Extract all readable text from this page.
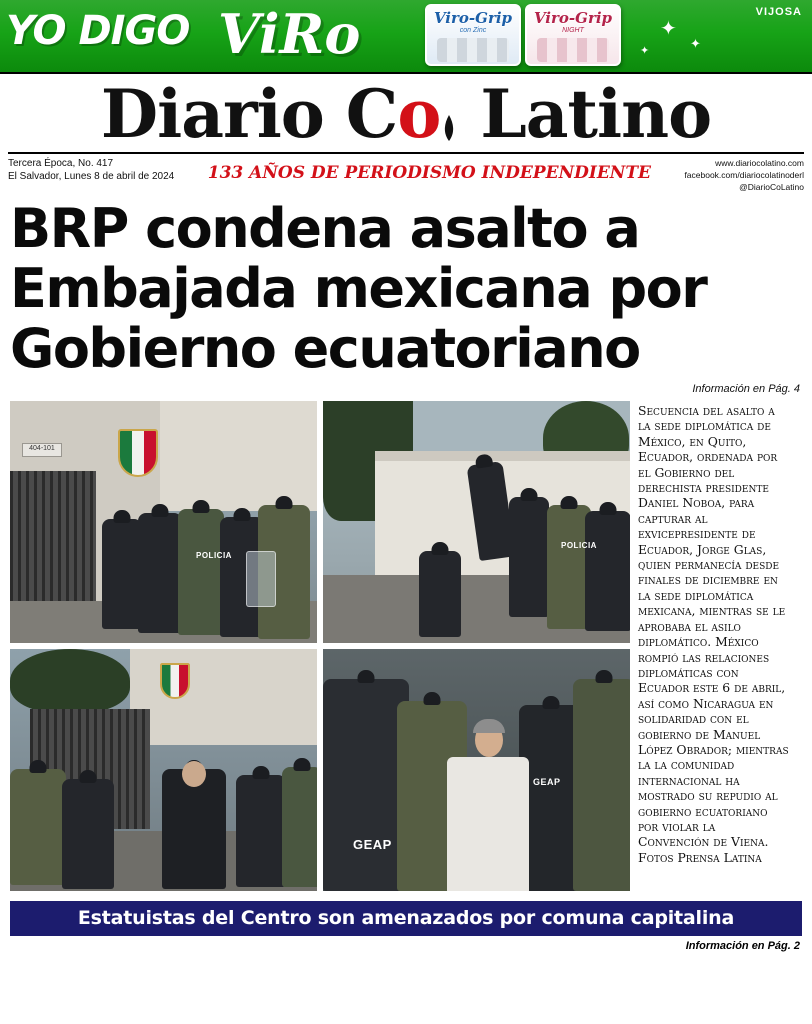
YO DIGO ViRo	VIJOSA
Viro-Grip
con Zinc
Viro-Grip
NIGHT	✦
✦
✦
Diario Co Latino
Tercera Época, No. 417
El Salvador, Lunes 8 de abril de 2024 133 AÑOS DE PERIODISMO INDEPENDIENTE	www.diariocolatino.com
facebook.com/diariocolatinoderl
@DiarioCoLatino
BRP condena asalto a Embajada mexicana por Gobierno ecuatoriano
Información en Pág. 4
404-101
POLICIA
POLICIA
GEAP
GEAP
Secuencia del asalto a la sede diplomática de México, en Quito, Ecuador, ordenada por el Gobierno del derechista presidente Daniel Noboa, para capturar al exvicepresidente de Ecuador, Jorge Glas, quien permanecía desde finales de diciembre en la sede diplomática mexicana, mientras se le aprobaba el asilo diplomático. México rompió las relaciones diplomáticas con Ecuador este 6 de abril, así como Nicaragua en solidaridad con el gobierno de Manuel López Obrador; mientras la la comunidad internacional ha mostrado su repudio al gobierno ecuatoriano por violar la Convención de Viena. Fotos Prensa Latina
Estatuistas del Centro son amenazados por comuna capitalina
Información en Pág. 2
